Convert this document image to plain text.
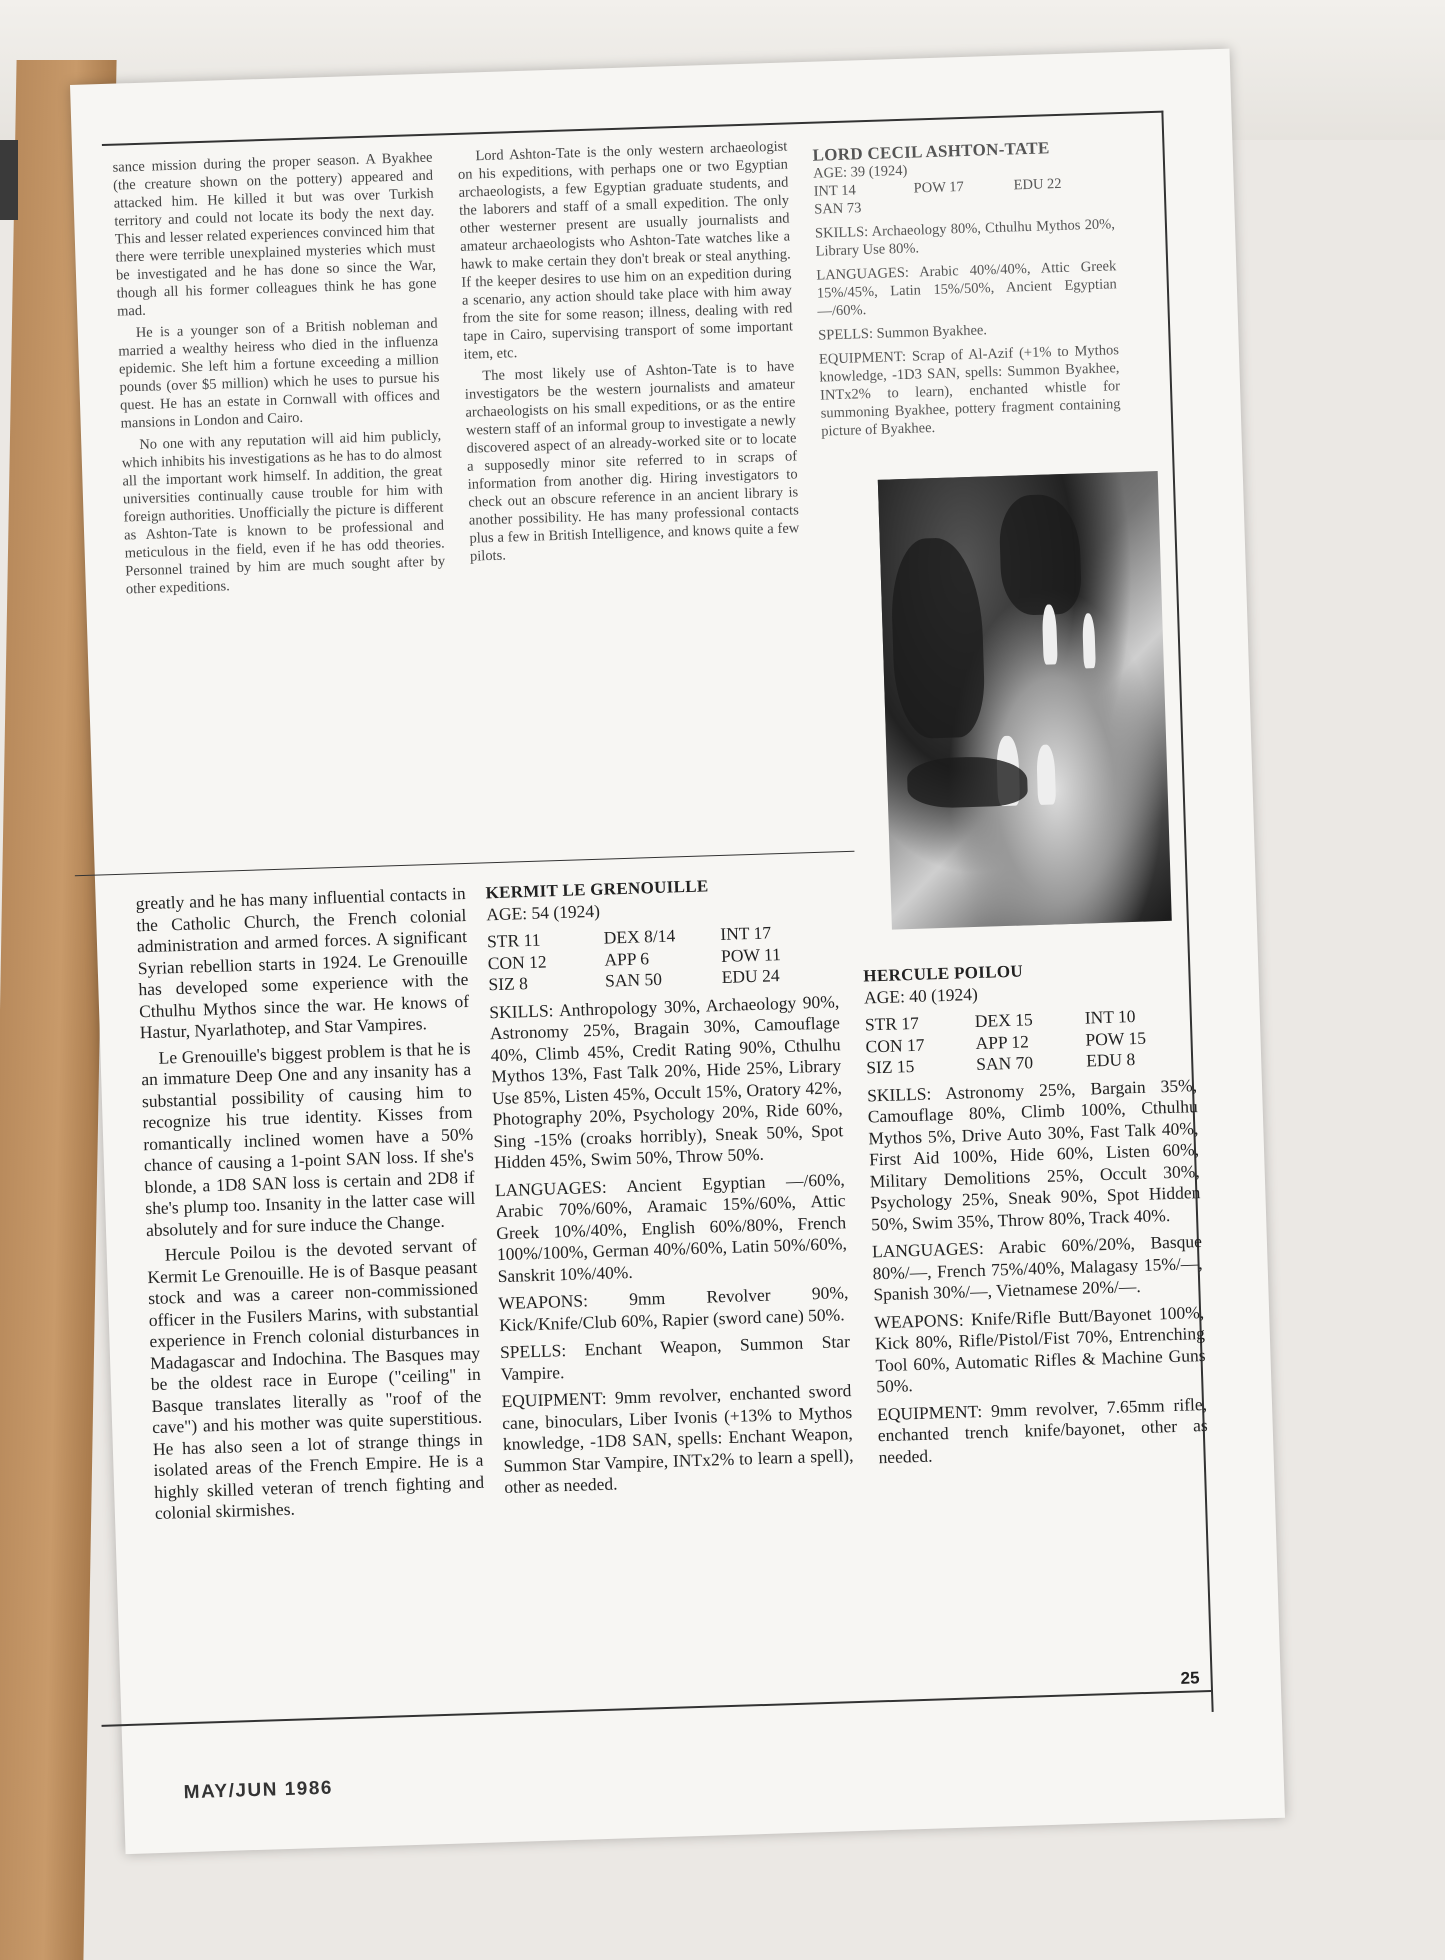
sance mission during the proper season. A Byakhee (the creature shown on the pottery) appeared and attacked him. He killed it but was over Turkish territory and could not locate its body the next day. This and lesser related experiences convinced him that there were terrible unexplained mysteries which must be investigated and he has done so since the War, though all his former colleagues think he has gone mad.

He is a younger son of a British nobleman and married a wealthy heiress who died in the influenza epidemic. She left him a fortune exceeding a million pounds (over $5 million) which he uses to pursue his quest. He has an estate in Cornwall with offices and mansions in London and Cairo.

No one with any reputation will aid him publicly, which inhibits his investigations as he has to do almost all the important work himself. In addition, the great universities continually cause trouble for him with foreign authorities. Unofficially the picture is different as Ashton-Tate is known to be professional and meticulous in the field, even if he has odd theories. Personnel trained by him are much sought after by other expeditions.

Lord Ashton-Tate is the only western archaeologist on his expeditions, with perhaps one or two Egyptian archaeologists, a few Egyptian graduate students, and the laborers and staff of a small expedition. The only other westerner present are usually journalists and amateur archaeologists who Ashton-Tate watches like a hawk to make certain they don't break or steal anything. If the keeper desires to use him on an expedition during a scenario, any action should take place with him away from the site for some reason; illness, dealing with red tape in Cairo, supervising transport of some important item, etc.

The most likely use of Ashton-Tate is to have investigators be the western journalists and amateur archaeologists on his small expeditions, or as the entire western staff of an informal group to investigate a newly discovered aspect of an already-worked site or to locate a supposedly minor site referred to in scraps of information from another dig. Hiring investigators to check out an obscure reference in an ancient library is another possibility. He has many professional contacts plus a few in British Intelligence, and knows quite a few pilots.

LORD CECIL ASHTON-TATE
AGE: 39 (1924)
INT 14	POW 17	EDU 22
SAN 73

SKILLS: Archaeology 80%, Cthulhu Mythos 20%, Library Use 80%.

LANGUAGES: Arabic 40%/40%, Attic Greek 15%/45%, Latin 15%/50%, Ancient Egyptian —/60%.

SPELLS: Summon Byakhee.

EQUIPMENT: Scrap of Al-Azif (+1% to Mythos knowledge, -1D3 SAN, spells: Summon Byakhee, INTx2% to learn), enchanted whistle for summoning Byakhee, pottery fragment containing picture of Byakhee.

greatly and he has many influential contacts in the Catholic Church, the French colonial administration and armed forces. A significant Syrian rebellion starts in 1924. Le Grenouille has developed some experience with the Cthulhu Mythos since the war. He knows of Hastur, Nyarlathotep, and Star Vampires.

Le Grenouille's biggest problem is that he is an immature Deep One and any insanity has a substantial possibility of causing him to recognize his true identity. Kisses from romantically inclined women have a 50% chance of causing a 1-point SAN loss. If she's blonde, a 1D8 SAN loss is certain and 2D8 if she's plump too. Insanity in the latter case will absolutely and for sure induce the Change.

Hercule Poilou is the devoted servant of Kermit Le Grenouille. He is of Basque peasant stock and was a career non-commissioned officer in the Fusilers Marins, with substantial experience in French colonial disturbances in Madagascar and Indochina. The Basques may be the oldest race in Europe ("ceiling" in Basque translates literally as "roof of the cave") and his mother was quite superstitious. He has also seen a lot of strange things in isolated areas of the French Empire. He is a highly skilled veteran of trench fighting and colonial skirmishes.

KERMIT LE GRENOUILLE
AGE: 54 (1924)
STR 11	DEX 8/14	INT 17
CON 12	APP 6	POW 11
SIZ 8	SAN 50	EDU 24

SKILLS: Anthropology 30%, Archaeology 90%, Astronomy 25%, Bragain 30%, Camouflage 40%, Climb 45%, Credit Rating 90%, Cthulhu Mythos 13%, Fast Talk 20%, Hide 25%, Library Use 85%, Listen 45%, Occult 15%, Oratory 42%, Photography 20%, Psychology 20%, Ride 60%, Sing -15% (croaks horribly), Sneak 50%, Spot Hidden 45%, Swim 50%, Throw 50%.

LANGUAGES: Ancient Egyptian —/60%, Arabic 70%/60%, Aramaic 15%/60%, Attic Greek 10%/40%, English 60%/80%, French 100%/100%, German 40%/60%, Latin 50%/60%, Sanskrit 10%/40%.

WEAPONS: 9mm Revolver 90%, Kick/Knife/Club 60%, Rapier (sword cane) 50%.

SPELLS: Enchant Weapon, Summon Star Vampire.

EQUIPMENT: 9mm revolver, enchanted sword cane, binoculars, Liber Ivonis (+13% to Mythos knowledge, -1D8 SAN, spells: Enchant Weapon, Summon Star Vampire, INTx2% to learn a spell), other as needed.

HERCULE POILOU
AGE: 40 (1924)
STR 17	DEX 15	INT 10
CON 17	APP 12	POW 15
SIZ 15	SAN 70	EDU 8

SKILLS: Astronomy 25%, Bargain 35%, Camouflage 80%, Climb 100%, Cthulhu Mythos 5%, Drive Auto 30%, Fast Talk 40%, First Aid 100%, Hide 60%, Listen 60%, Military Demolitions 25%, Occult 30%, Psychology 25%, Sneak 90%, Spot Hidden 50%, Swim 35%, Throw 80%, Track 40%.

LANGUAGES: Arabic 60%/20%, Basque 80%/—, French 75%/40%, Malagasy 15%/—, Spanish 30%/—, Vietnamese 20%/—.

WEAPONS: Knife/Rifle Butt/Bayonet 100%, Kick 80%, Rifle/Pistol/Fist 70%, Entrenching Tool 60%, Automatic Rifles & Machine Guns 50%.

EQUIPMENT: 9mm revolver, 7.65mm rifle, enchanted trench knife/bayonet, other as needed.

25
MAY/JUN 1986
